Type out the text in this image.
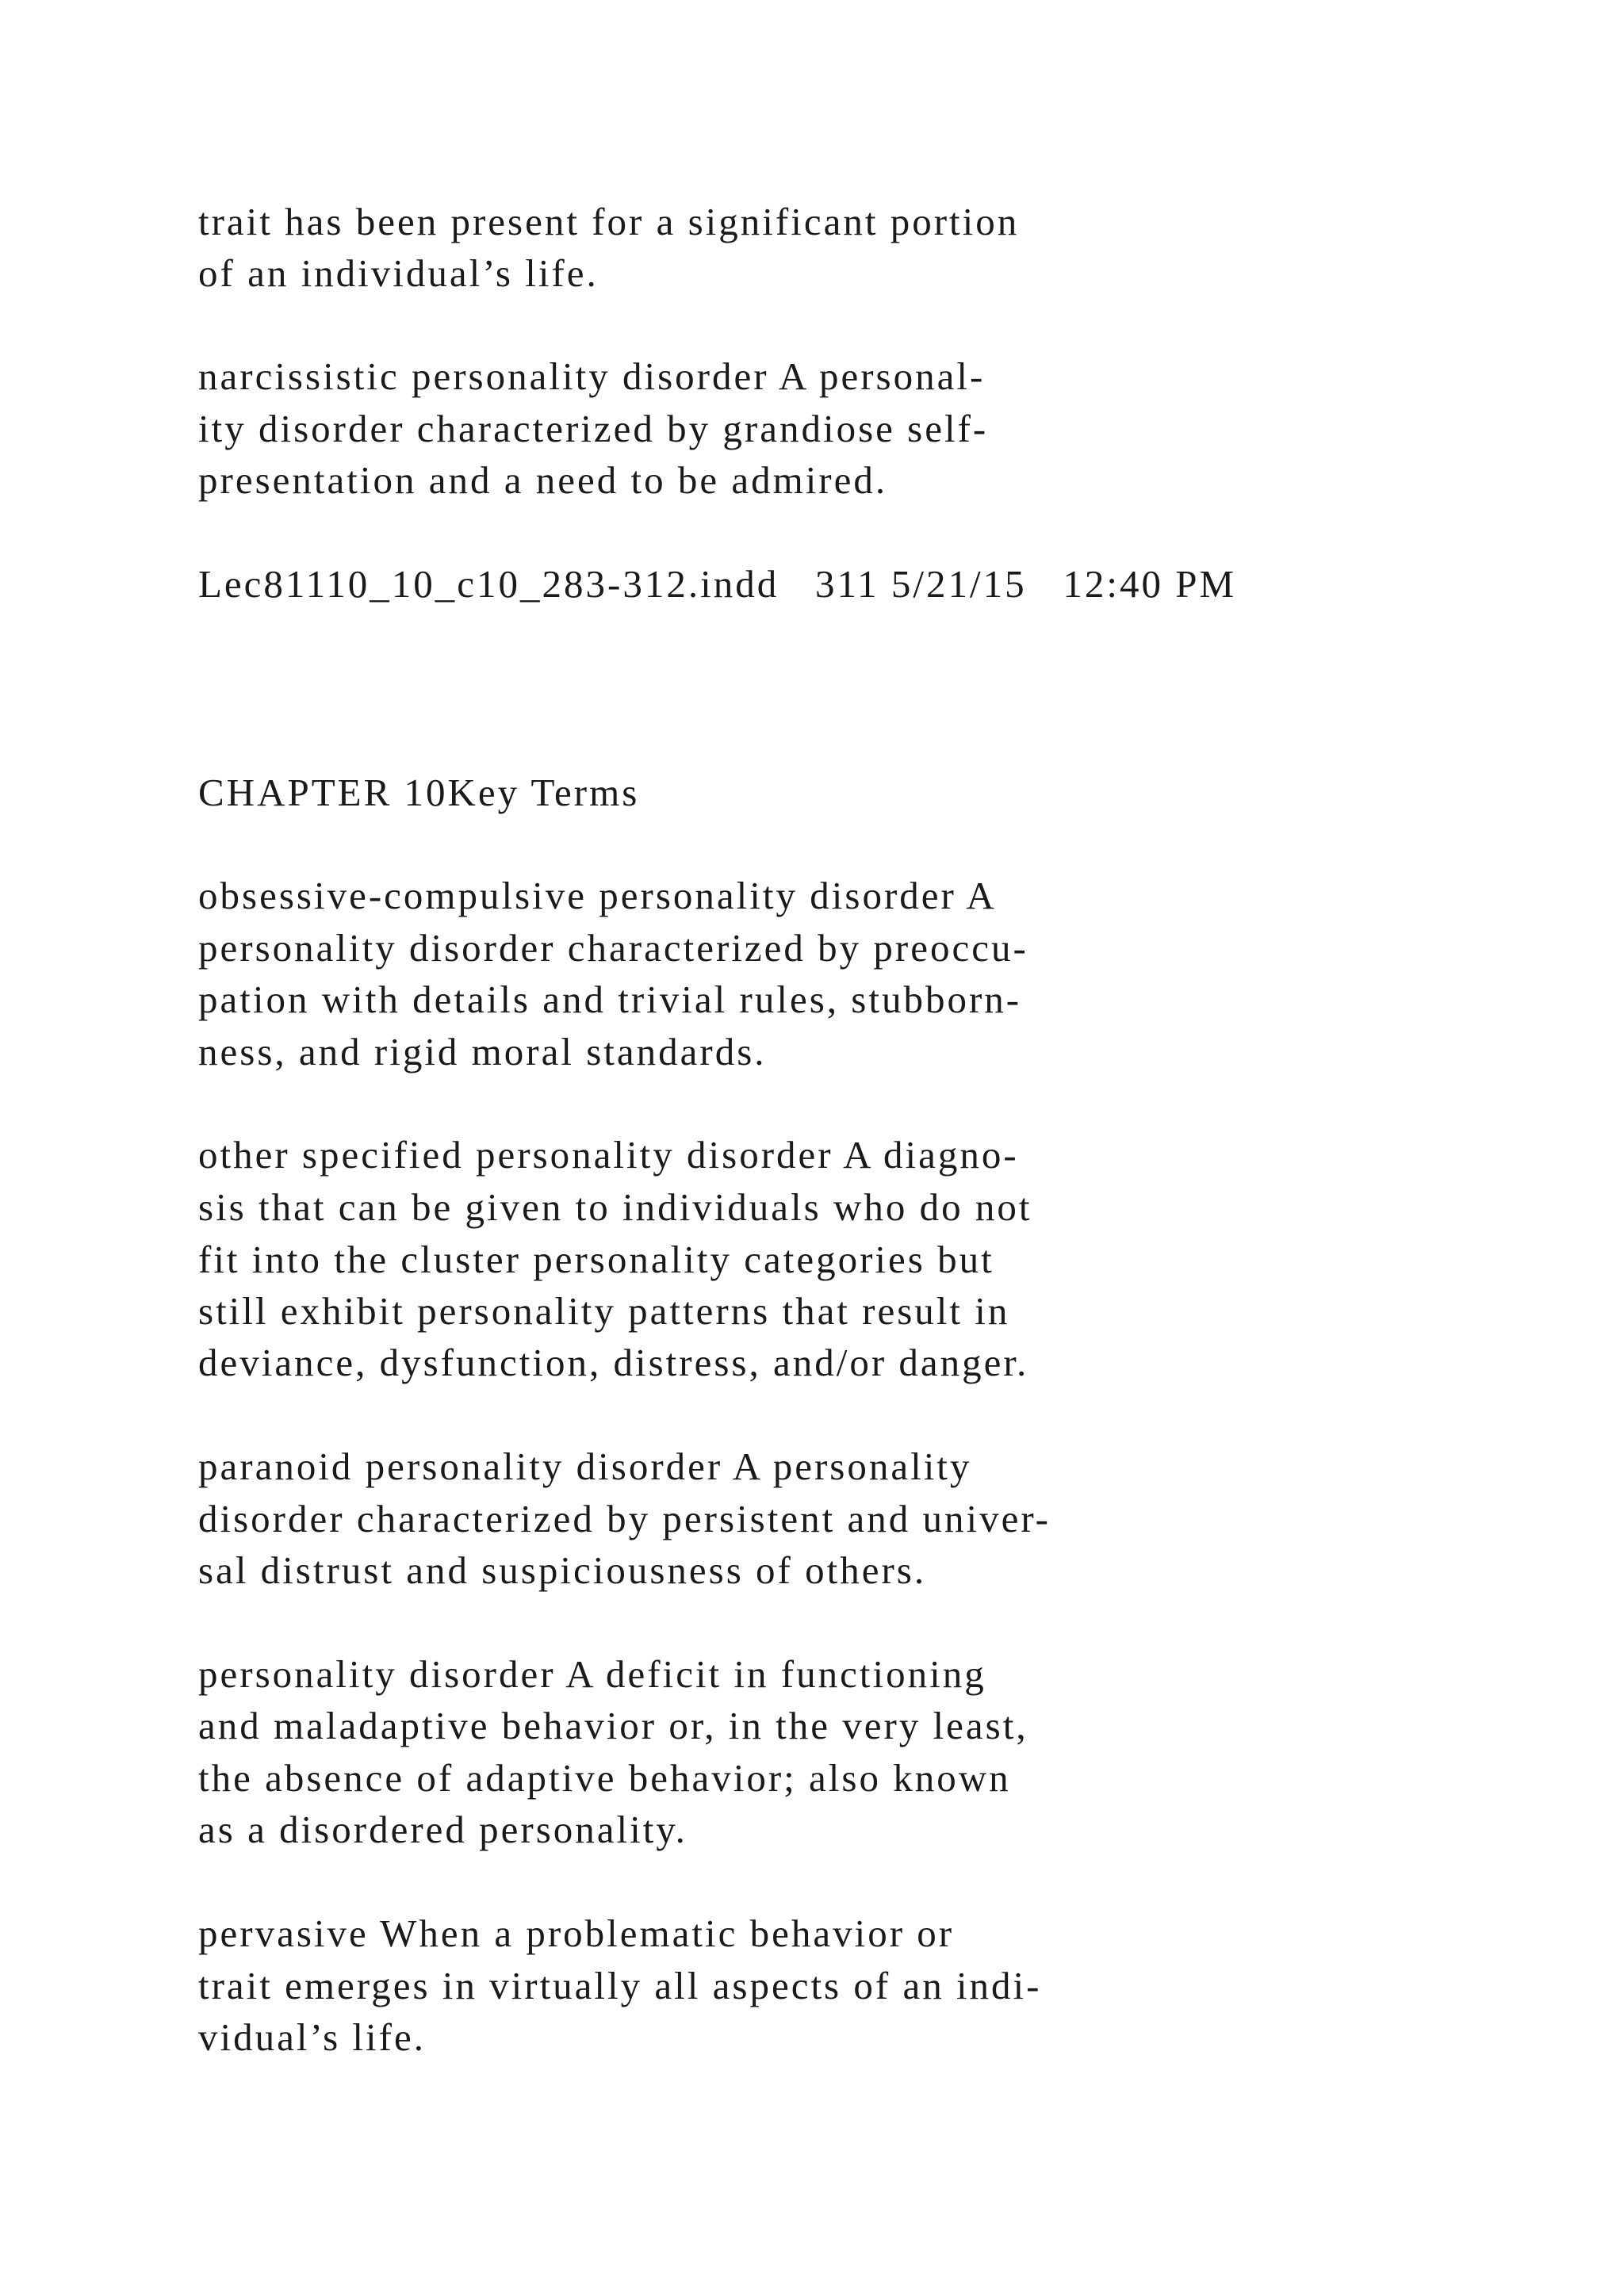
trait has been present for a significant portion
of an individual’s life.
narcissistic personality disorder A personal-
ity disorder characterized by grandiose self-
presentation and a need to be admired.
Lec81110_10_c10_283-312.indd   311 5/21/15   12:40 PM
CHAPTER 10Key Terms
obsessive-compulsive personality disorder A
personality disorder characterized by preoccu-
pation with details and trivial rules, stubborn-
ness, and rigid moral standards.
other specified personality disorder A diagno-
sis that can be given to individuals who do not
fit into the cluster personality categories but
still exhibit personality patterns that result in
deviance, dysfunction, distress, and/or danger.
paranoid personality disorder A personality
disorder characterized by persistent and univer-
sal distrust and suspiciousness of others.
personality disorder A deficit in functioning
and maladaptive behavior or, in the very least,
the absence of adaptive behavior; also known
as a disordered personality.
pervasive When a problematic behavior or
trait emerges in virtually all aspects of an indi-
vidual’s life.
